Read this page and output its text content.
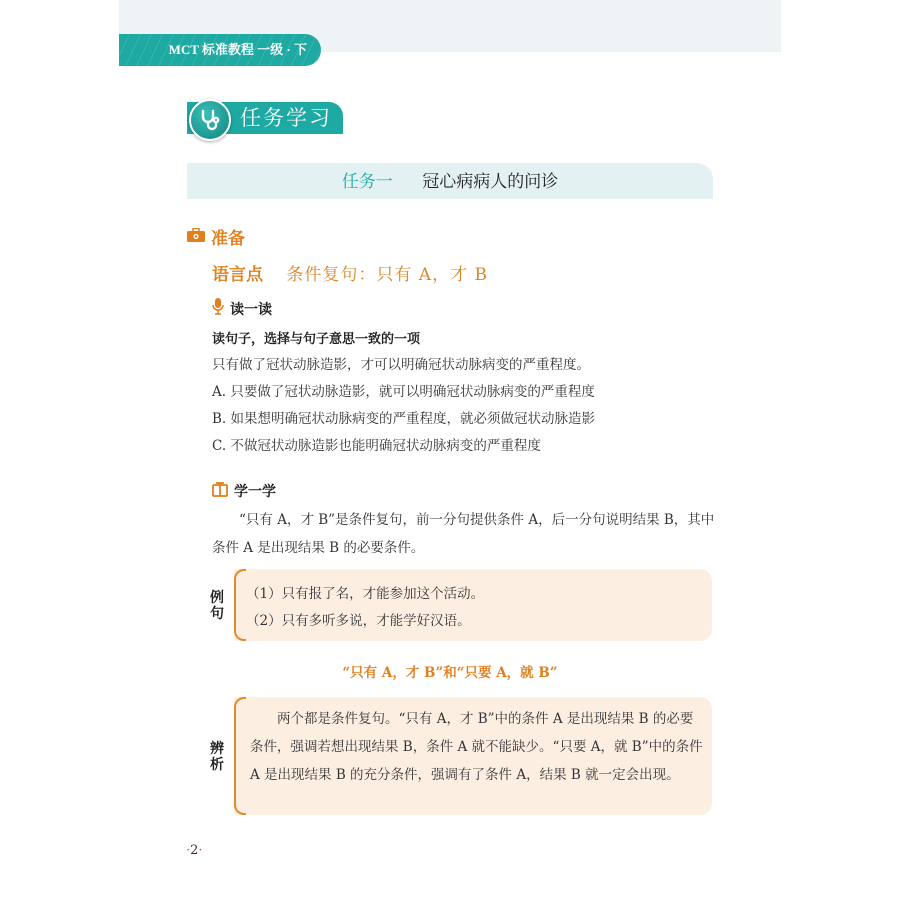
MCT 标准教程 一级 · 下
任务学习
任务一 冠心病病人的问诊
准备
语言点 条件复句：只有 A，才 B
读一读
读句子，选择与句子意思一致的一项
只有做了冠状动脉造影，才可以明确冠状动脉病变的严重程度。
A. 只要做了冠状动脉造影，就可以明确冠状动脉病变的严重程度
B. 如果想明确冠状动脉病变的严重程度，就必须做冠状动脉造影
C. 不做冠状动脉造影也能明确冠状动脉病变的严重程度
学一学
“只有 A，才 B”是条件复句，前一分句提供条件 A，后一分句说明结果 B，其中条件 A 是出现结果 B 的必要条件。
例句
（1）只有报了名，才能参加这个活动。
（2）只有多听多说，才能学好汉语。
“只有 A，才 B”和“只要 A，就 B”
辨析
两个都是条件复句。“只有 A，才 B”中的条件 A 是出现结果 B 的必要条件，强调若想出现结果 B，条件 A 就不能缺少。“只要 A，就 B”中的条件 A 是出现结果 B 的充分条件，强调有了条件 A，结果 B 就一定会出现。
·2·
